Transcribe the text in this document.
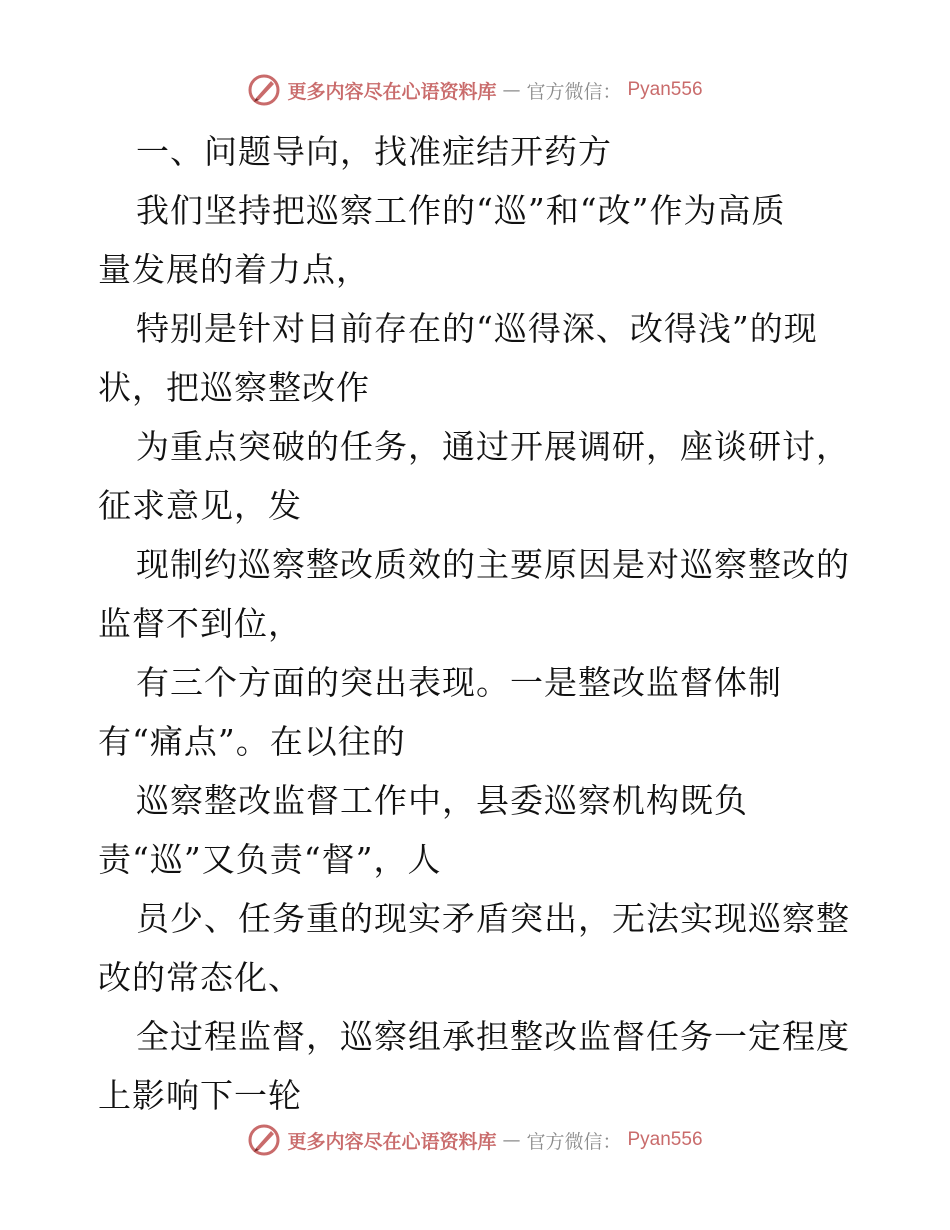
更多内容尽在心语资料库 — 官方微信： Pyan556
一、问题导向，找准症结开药方
我们坚持把巡察工作的“巡”和“改”作为高质
量发展的着力点，
特别是针对目前存在的“巡得深、改得浅”的现
状，把巡察整改作
为重点突破的任务，通过开展调研，座谈研讨，
征求意见，发
现制约巡察整改质效的主要原因是对巡察整改的
监督不到位，
有三个方面的突出表现。一是整改监督体制
有“痛点”。在以往的
巡察整改监督工作中，县委巡察机构既负
责“巡”又负责“督”，人
员少、任务重的现实矛盾突出，无法实现巡察整
改的常态化、
全过程监督，巡察组承担整改监督任务一定程度
上影响下一轮
更多内容尽在心语资料库 — 官方微信： Pyan556
